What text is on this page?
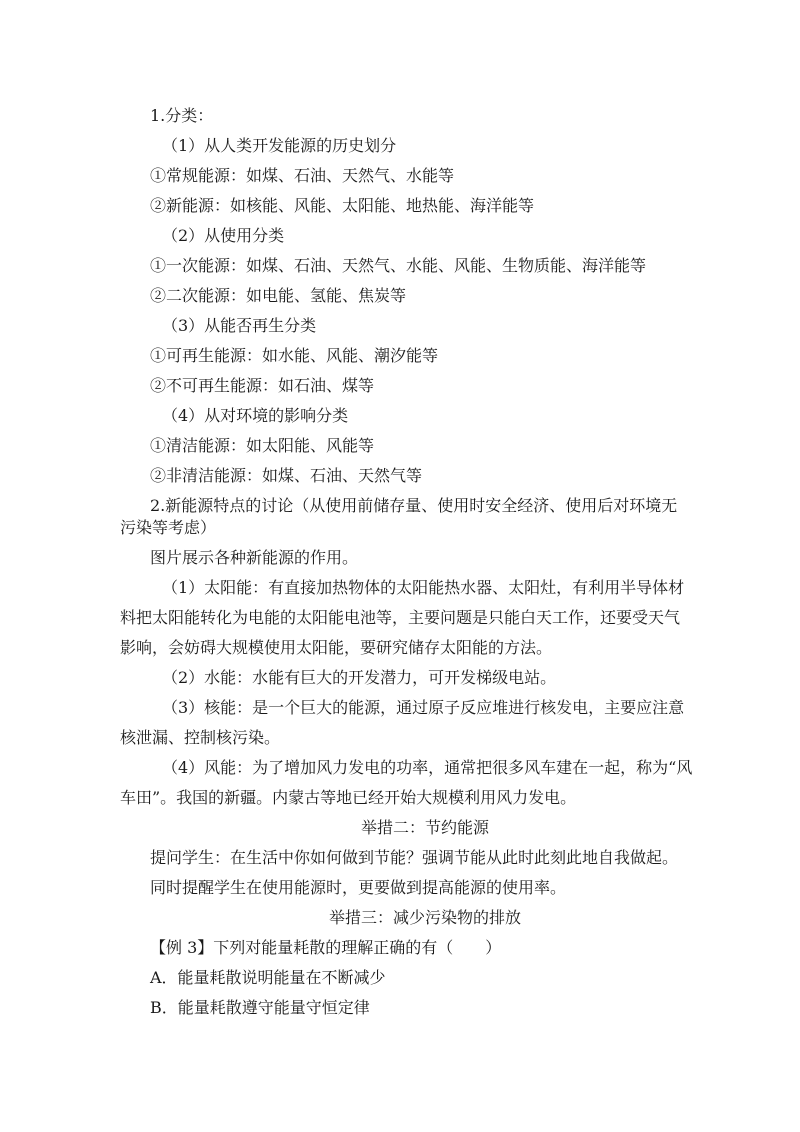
1.分类：
（1）从人类开发能源的历史划分
①常规能源：如煤、石油、天然气、水能等
②新能源：如核能、风能、太阳能、地热能、海洋能等
（2）从使用分类
①一次能源：如煤、石油、天然气、水能、风能、生物质能、海洋能等
②二次能源：如电能、氢能、焦炭等
（3）从能否再生分类
①可再生能源：如水能、风能、潮汐能等
②不可再生能源：如石油、煤等
（4）从对环境的影响分类
①清洁能源：如太阳能、风能等
②非清洁能源：如煤、石油、天然气等
2.新能源特点的讨论（从使用前储存量、使用时安全经济、使用后对环境无
污染等考虑）
图片展示各种新能源的作用。
（1）太阳能：有直接加热物体的太阳能热水器、太阳灶，有利用半导体材
料把太阳能转化为电能的太阳能电池等，主要问题是只能白天工作，还要受天气
影响，会妨碍大规模使用太阳能，要研究储存太阳能的方法。
（2）水能：水能有巨大的开发潜力，可开发梯级电站。
（3）核能：是一个巨大的能源，通过原子反应堆进行核发电，主要应注意
核泄漏、控制核污染。
（4）风能：为了增加风力发电的功率，通常把很多风车建在一起，称为“风
车田”。我国的新疆。内蒙古等地已经开始大规模利用风力发电。
举措二：节约能源
提问学生：在生活中你如何做到节能？强调节能从此时此刻此地自我做起。
同时提醒学生在使用能源时，更要做到提高能源的使用率。
举措三：减少污染物的排放
【例 3】下列对能量耗散的理解正确的有（　　）
A．能量耗散说明能量在不断减少
B．能量耗散遵守能量守恒定律
